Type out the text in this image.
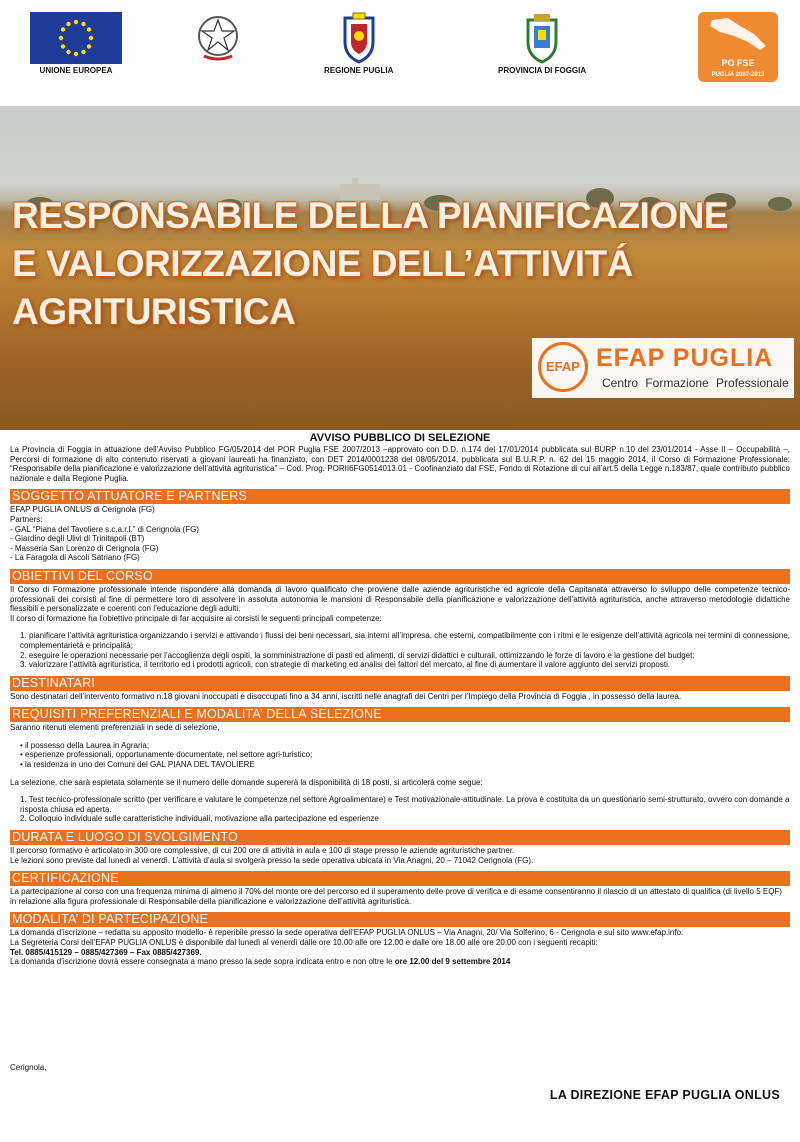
UNIONE EUROPEA	REGIONE PUGLIA	PROVINCIA DI FOGGIA
PO FSE
PUGLIA 2007-2013
RESPONSABILE DELLA PIANIFICAZIONE
E VALORIZZAZIONE DELL’ATTIVITÁ
AGRITURISTICA
EFAP EFAP PUGLIA
Centro Formazione Professionale
AVVISO PUBBLICO DI SELEZIONE
La Provincia di Foggia in attuazione dell’Avviso Pubblico FG/05/2014 del POR Puglia FSE 2007/2013 –approvato con D.D. n.174 del 17/01/2014 pubblicata sul BURP n.10 del 23/01/2014 - Asse II – Occupabilità –, Percorsi di formazione di alto contenuto riservati a giovani laureati ha finanziato, con DET 2014/0001238 del 08/05/2014, pubblicata sul B.U.R.P. n. 62 del 15 maggio 2014, il Corso di Formazione Professionale: “Responsabile della pianificazione e valorizzazione dell’attività agrituristica” – Cod. Prog. PORII6FG0514013.01 - Coofinanziato dal FSE, Fondo di Rotazione di cui all’art.5 della Legge n.183/87, quale contributo pubblico nazionale e dalla Regione Puglia.
SOGGETTO ATTUATORE E PARTNERS

EFAP PUGLIA ONLUS di Cerignola (FG)

Partners:

- GAL “Piana del Tavoliere s.c.a.r.l.” di Cerignola (FG)

- Giardino degli Ulivi di Trinitapoli (BT)

- Masseria San Lorenzo di Cerignola (FG)

- La Faragola di Ascoli Satriano (FG)

OBIETTIVI DEL CORSO

Il Corso di Formazione professionale intende rispondere alla domanda di lavoro qualificato che proviene dalle aziende agrituristiche ed agricole della Capitanata attraverso lo sviluppo delle competenze tecnico-professionali dei corsisti al fine di permettere loro di assolvere in assoluta autonomia le mansioni di Responsabile della pianificazione e valorizzazione dell’attività agrituristica, anche attraverso metodologie didattiche flessibili e personalizzate e coerenti con l’educazione degli adulti.

Il corso di formazione ha l’obiettivo principale di far acquisire ai corsisti le seguenti principali competenze:

1. pianificare l’attività agrituristica organizzando i servizi e attivando i flussi dei beni necessari, sia interni all’impresa, che esterni, compatibilmente con i ritmi e le esigenze dell’attività agricola nei termini di connessione, complementarietà e principalità;

2. eseguire le operazioni necessarie per l’accoglienza degli ospiti, la somministrazione di pasti ed alimenti, di servizi didattici e culturali, ottimizzando le forze di lavoro e la gestione del budget;

3. valorizzare l’attività agrituristica, il territorio ed i prodotti agricoli, con strategie di marketing ed analisi dei fattori del mercato, al fine di aumentare il valore aggiunto dei servizi proposti.

DESTINATARI

Sono destinatari dell’intervento formativo n.18 giovani inoccupati e disoccupati fino a 34 anni, iscritti nelle anagrafi dei Centri per l’Impiego della Provincia di Foggia , in possesso della laurea.

REQUISITI PREFERENZIALI E MODALITA’ DELLA SELEZIONE

Saranno ritenuti elementi preferenziali in sede di selezione,

• il possesso della Laurea in Agraria;

• esperienze professionali, opportunamente documentate, nel settore agri-turistico;

• la residenza in uno dei Comuni del GAL PIANA DEL TAVOLIERE

La selezione, che sarà espletata solamente se il numero delle domande supererà la disponibilità di 18 posti, si articolerà come segue:

1. Test tecnico-professionale scritto (per verificare e valutare le competenze nel settore Agroalimentare) e Test motivazionale-attitudinale. La prova è costituita da un questionario semi-strutturato, ovvero con domande a risposta chiusa ed aperta.

2. Colloquio individuale sulle caratteristiche individuali, motivazione alla partecipazione ed esperienze

DURATA E LUOGO DI SVOLGIMENTO

Il percorso formativo è articolato in 300 ore complessive, di cui 200 ore di attività in aula e 100 di stage presso le aziende agrituristiche partner.

Le lezioni sono previste dal lunedì al venerdì. L’attività d’aula si svolgerà presso la sede operativa ubicata in Via Anagni, 20 – 71042 Cerignola (FG).

CERTIFICAZIONE

La partecipazione al corso con una frequenza minima di almeno il 70% del monte ore del percorso ed il superamento delle prove di verifica e di esame consentiranno il rilascio di un attestato di qualifica (di livello 5 EQF) in relazione alla figura professionale di Responsabile della pianificazione e valorizzazione dell’attività agrituristica.

MODALITA’ DI PARTECIPAZIONE

La domanda d’iscrizione – redatta su apposito modello- è reperibile presso la sede operativa dell’EFAP PUGLIA ONLUS – Via Anagni, 20/ Via Solferino, 6 - Cerignola e sul sito www.efap.info.

La Segreteria Corsi dell’EFAP PUGLIA ONLUS è disponibile dal lunedì al venerdì dalle ore 10.00 alle ore 12.00 e dalle ore 18.00 alle ore 20.00 con i seguenti recapiti:

Tel. 0885/415129 – 0885/427369 – Fax 0885/427369.

La domanda d’iscrizione dovrà essere consegnata a mano presso la sede sopra indicata entro e non oltre le ore 12.00 del 9 settembre 2014

Cerignola,
LA DIREZIONE EFAP PUGLIA ONLUS
